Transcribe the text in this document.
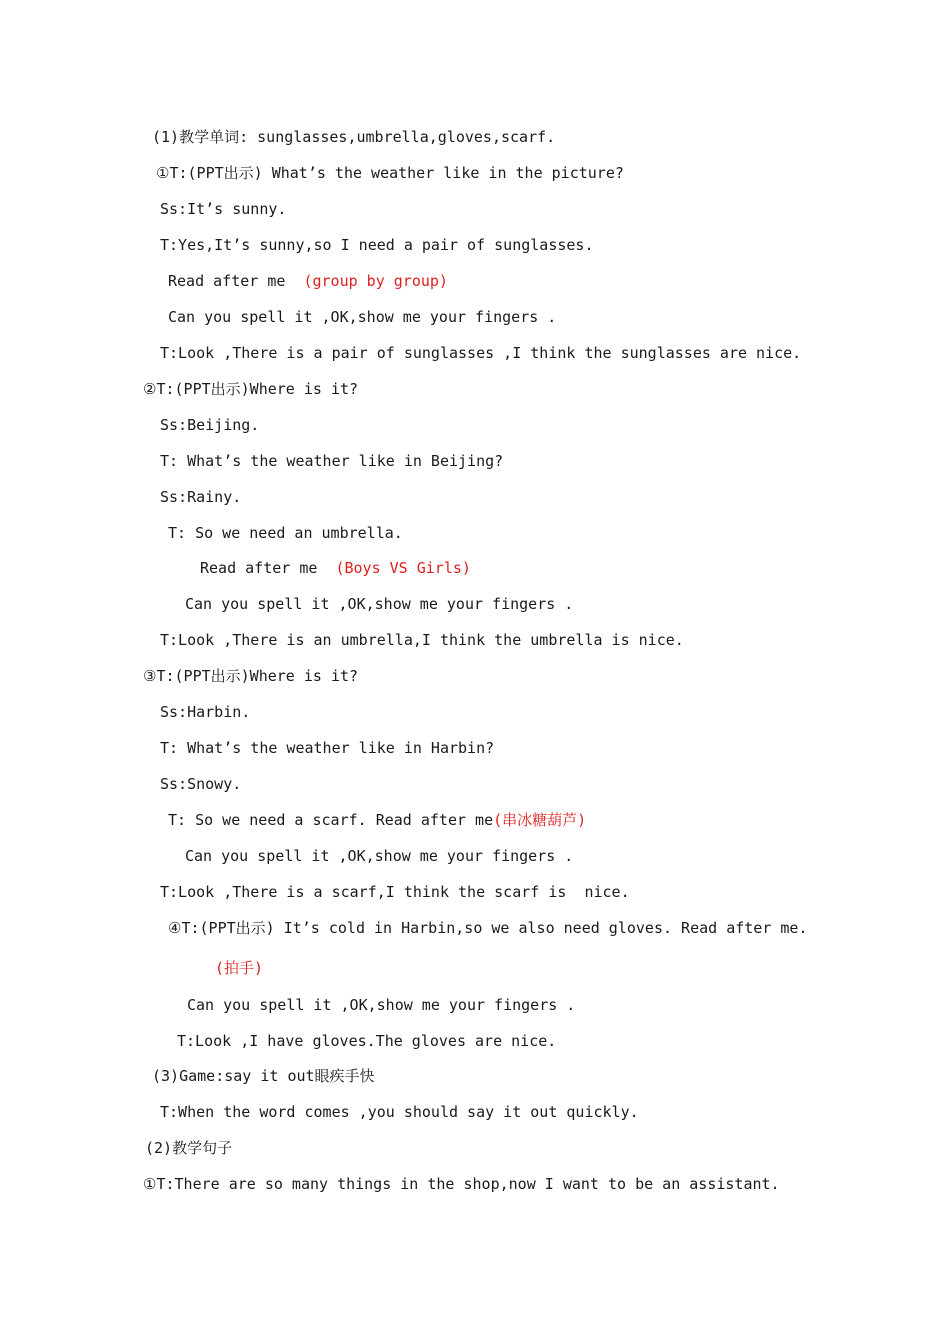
(1)教学单词: sunglasses,umbrella,gloves,scarf.
①T:(PPT出示) What’s the weather like in the picture?
Ss:It’s sunny.
T:Yes,It’s sunny,so I need a pair of sunglasses.
Read after me  (group by group)
Can you spell it ,OK,show me your fingers .
T:Look ,There is a pair of sunglasses ,I think the sunglasses are nice.
②T:(PPT出示)Where is it?
Ss:Beijing.
T: What’s the weather like in Beijing?
Ss:Rainy.
T: So we need an umbrella.
Read after me  (Boys VS Girls)
Can you spell it ,OK,show me your fingers .
T:Look ,There is an umbrella,I think the umbrella is nice.
③T:(PPT出示)Where is it?
Ss:Harbin.
T: What’s the weather like in Harbin?
Ss:Snowy.
T: So we need a scarf. Read after me(串冰糖葫芦)
Can you spell it ,OK,show me your fingers .
T:Look ,There is a scarf,I think the scarf is  nice.
④T:(PPT出示) It’s cold in Harbin,so we also need gloves. Read after me.
(拍手)
Can you spell it ,OK,show me your fingers .
T:Look ,I have gloves.The gloves are nice.
(3)Game:say it out眼疾手快
T:When the word comes ,you should say it out quickly.
(2)教学句子
①T:There are so many things in the shop,now I want to be an assistant.
